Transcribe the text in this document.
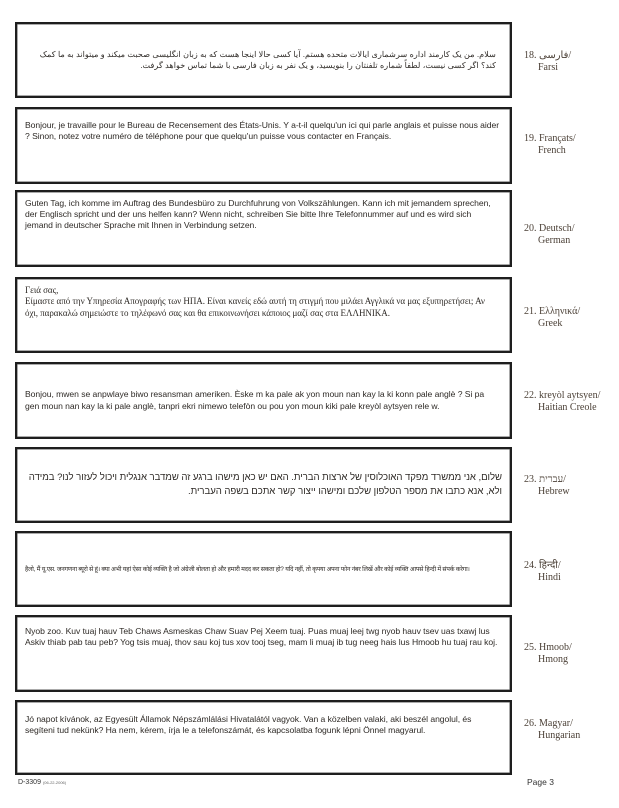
سلام. من یک کارمند اداره سرشماری ایالات متحده هستم. آیا کسی حالا اینجا هست که به زبان انگلیسی صحبت میکند و میتواند به ما کمک کند؟ اگر کسی نیست، لطفاً شماره تلفنتان را بنویسید، و یک نفر به زبان فارسی با شما تماس خواهد گرفت.
18. فارسی/
Farsi
Bonjour, je travaille pour le Bureau de Recensement des États-Unis. Y a-t-il quelqu'un ici qui parle anglais et puisse nous aider ? Sinon, notez votre numéro de téléphone pour que quelqu'un puisse vous contacter en Français.	19. Françats/
French
Guten Tag, ich komme im Auftrag des Bundesbüro zu Durchfuhrung von Volkszählungen. Kann ich mit jemandem sprechen, der Englisch spricht und der uns helfen kann? Wenn nicht, schreiben Sie bitte Ihre Telefonnummer auf und es wird sich jemand in deutscher Sprache mit Ihnen in Verbindung setzen.	20. Deutsch/
German
Γειά σας,
Είμαστε από την Υπηρεσία Απογραφής των ΗΠΑ. Είναι κανείς εδώ αυτή τη στιγμή που μιλάει Αγγλικά να μας εξυπηρετήσει; Αν όχι, παρακαλώ σημειώστε το τηλέφωνό σας και θα επικοινωνήσει κάποιος μαζί σας στα ΕΛΛΗΝΙΚΑ.	21. Ελληνικά/
Greek
Bonjou, mwen se anpwlaye biwo resansman ameriken. Èske m ka pale ak yon moun nan kay la ki konn pale anglè ? Si pa gen moun nan kay la ki pale anglè, tanpri ekri nimewo telefòn ou pou yon moun kiki pale kreyòl aytsyen rele w.
22. kreyòl aytsyen/
Haitian Creole
שלום, אני ממשרד מפקד האוכלוסין של ארצות הברית. האם יש כאן מישהו ברגע זה שמדבר אנגלית ויכול לעזור לנו? במידה ולא, אנא כתבו את מספר הטלפון שלכם ומישהו ייצור קשר אתכם בשפה העברית.
23. עברית/
Hebrew
हैलो, मैं यू.एस. जनगणना ब्यूरो से हूं। क्या अभी यहां ऐसा कोई व्यक्ति है जो अंग्रेजी बोलता हो और हमारी मदद कर सकता हो? यदि नहीं, तो कृपया अपना फोन नंबर लिखें और कोई व्यक्ति आपसे हिन्दी में संपर्क करेगा।	24. हिन्दी/
Hindi
Nyob zoo. Kuv tuaj hauv Teb Chaws Asmeskas Chaw Suav Pej Xeem tuaj. Puas muaj leej twg nyob hauv tsev uas txawj lus Askiv thiab pab tau peb? Yog tsis muaj, thov sau koj tus xov tooj tseg, mam li muaj ib tug neeg hais lus Hmoob hu tuaj rau koj.	25. Hmoob/
Hmong
Jó napot kívánok, az Egyesült Államok Népszámlálási Hivatalától vagyok. Van a közelben valaki, aki beszél angolul, és segíteni tud nekünk? Ha nem, kérem, írja le a telefonszámát, és kapcsolatba fogunk lépni Önnel magyarul.
26. Magyar/
Hungarian
D-3309 (06-22-2006)	Page 3
